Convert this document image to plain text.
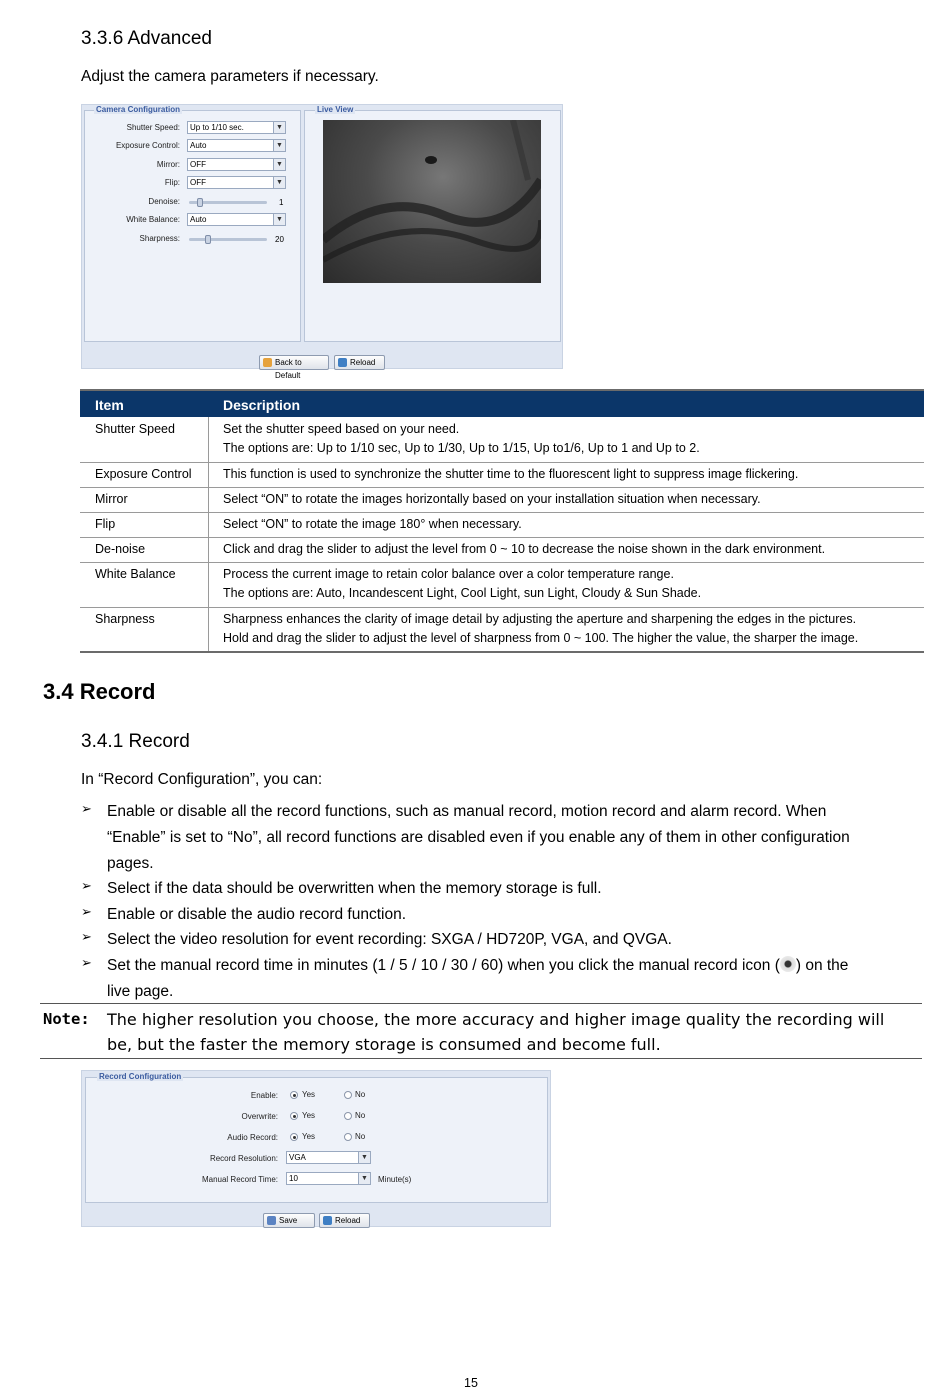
3.3.6 Advanced
Adjust the camera parameters if necessary.
Camera Configuration	Live View
Shutter Speed:	Up to 1/10 sec.	▼
Exposure Control:	Auto	▼
Mirror:	OFF	▼
Flip:	OFF	▼
Denoise:	1
White Balance:	Auto	▼
Sharpness:	20
Back to Default
Reload
Item	Description
Shutter Speed	Set the shutter speed based on your need.
The options are: Up to 1/10 sec, Up to 1/30, Up to 1/15, Up to1/6, Up to 1 and Up to 2.
Exposure Control	This function is used to synchronize the shutter time to the fluorescent light to suppress image flickering.
Mirror	Select “ON” to rotate the images horizontally based on your installation situation when necessary.
Flip	Select “ON” to rotate the image 180° when necessary.
De-noise	Click and drag the slider to adjust the level from 0 ~ 10 to decrease the noise shown in the dark environment.
White Balance	Process the current image to retain color balance over a color temperature range.
The options are: Auto, Incandescent Light, Cool Light, sun Light, Cloudy & Sun Shade.
Sharpness	Sharpness enhances the clarity of image detail by adjusting the aperture and sharpening the edges in the pictures.
Hold and drag the slider to adjust the level of sharpness from 0 ~ 100. The higher the value, the sharper the image.
3.4 Record
3.4.1 Record
In “Record Configuration”, you can:
➢ Enable or disable all the record functions, such as manual record, motion record and alarm record. When
“Enable” is set to “No”, all record functions are disabled even if you enable any of them in other configuration
pages.
➢ Select if the data should be overwritten when the memory storage is full.
➢ Enable or disable the audio record function.
➢ Select the video resolution for event recording: SXGA / HD720P, VGA, and QVGA.
➢ Set the manual record time in minutes (1 / 5 / 10 / 30 / 60) when you click the manual record icon ( ) on the
live page.
Note: The higher resolution you choose, the more accuracy and higher image quality the recording will
be, but the faster the memory storage is consumed and become full.
Record Configuration
Enable:	Yes	No
Overwrite:	Yes	No
Audio Record:	Yes	No
Record Resolution:	VGA	▼
Manual Record Time:	10	▼ Minute(s)
Save	Reload
15
